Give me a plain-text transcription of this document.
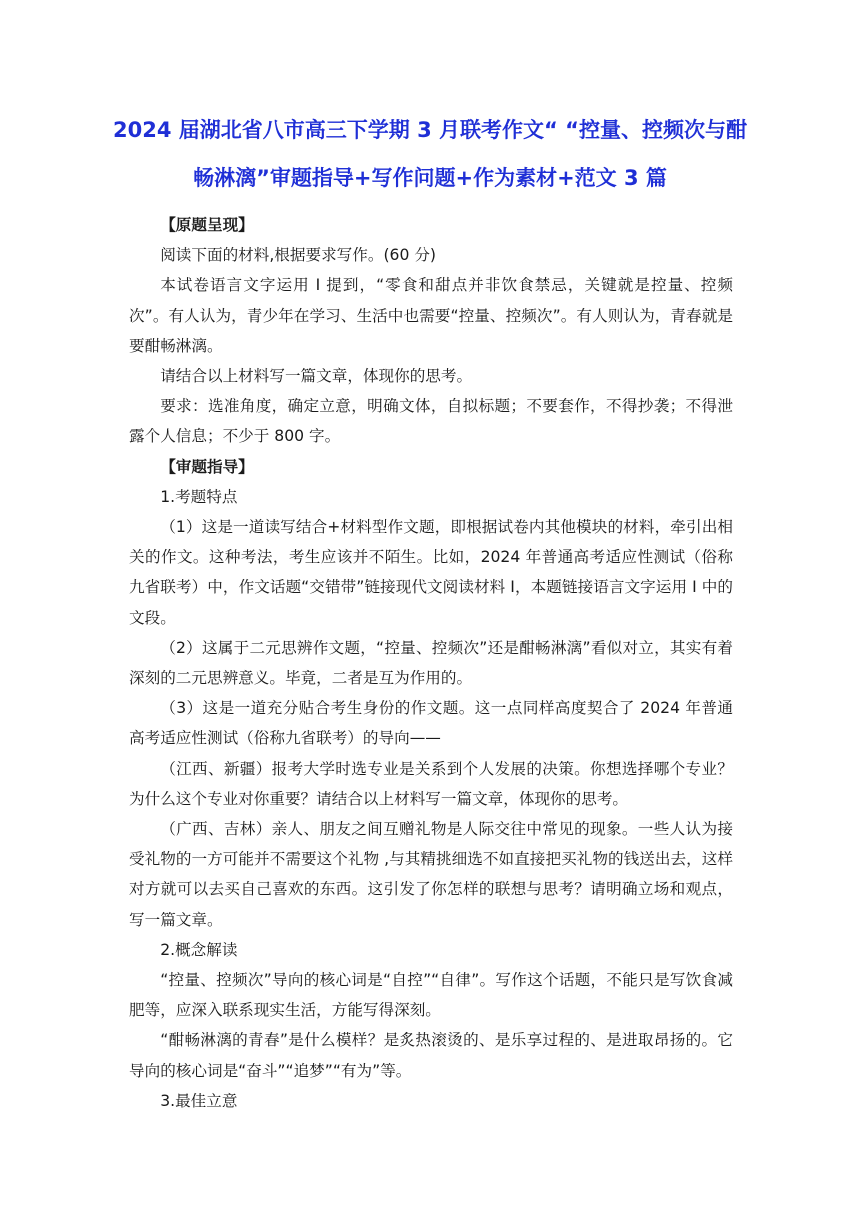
2024 届湖北省八市高三下学期 3 月联考作文“ “控量、控频次与酣
畅淋漓”审题指导+写作问题+作为素材+范文 3 篇

【原题呈现】

阅读下面的材料,根据要求写作。(60 分)

本试卷语言文字运用 I 提到，“零食和甜点并非饮食禁忌，关键就是控量、控频次”。有人认为，青少年在学习、生活中也需要“控量、控频次”。有人则认为，青春就是要酣畅淋漓。

请结合以上材料写一篇文章，体现你的思考。

要求：选准角度，确定立意，明确文体，自拟标题；不要套作，不得抄袭；不得泄露个人信息；不少于 800 字。

【审题指导】

1.考题特点

（1）这是一道读写结合+材料型作文题，即根据试卷内其他模块的材料，牵引出相关的作文。这种考法，考生应该并不陌生。比如，2024 年普通高考适应性测试（俗称九省联考）中，作文话题“交错带”链接现代文阅读材料 I，本题链接语言文字运用 I 中的文段。

（2）这属于二元思辨作文题，“控量、控频次”还是酣畅淋漓”看似对立，其实有着深刻的二元思辨意义。毕竟，二者是互为作用的。

（3）这是一道充分贴合考生身份的作文题。这一点同样高度契合了 2024 年普通高考适应性测试（俗称九省联考）的导向——

（江西、新疆）报考大学时选专业是关系到个人发展的决策。你想选择哪个专业？为什么这个专业对你重要？请结合以上材料写一篇文章，体现你的思考。

（广西、吉林）亲人、朋友之间互赠礼物是人际交往中常见的现象。一些人认为接受礼物的一方可能并不需要这个礼物 ,与其精挑细选不如直接把买礼物的钱送出去，这样对方就可以去买自己喜欢的东西。这引发了你怎样的联想与思考？请明确立场和观点，写一篇文章。

2.概念解读

“控量、控频次”导向的核心词是“自控”“自律”。写作这个话题，不能只是写饮食减肥等，应深入联系现实生活，方能写得深刻。

“酣畅淋漓的青春”是什么模样？是炙热滚烫的、是乐享过程的、是进取昂扬的。它导向的核心词是“奋斗”“追梦”“有为”等。

3.最佳立意
